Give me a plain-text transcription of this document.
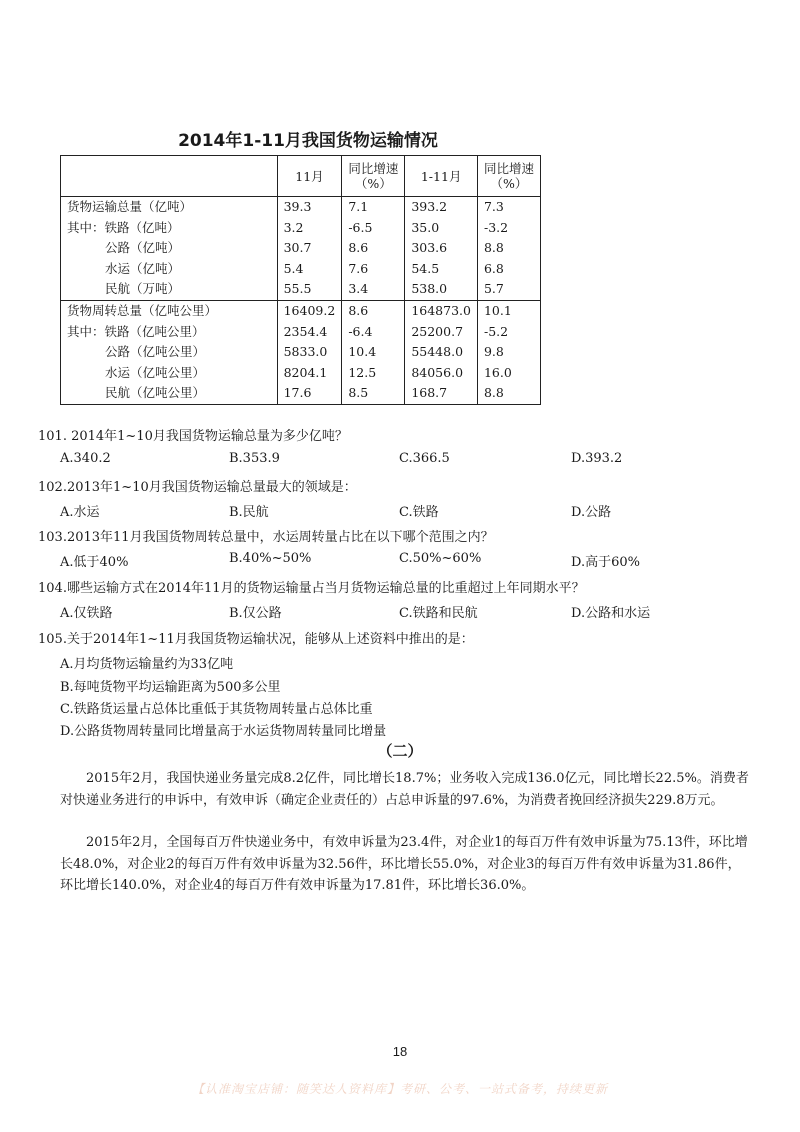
2014年1-11月我国货物运输情况
	11月	同比增速
（%）	1-11月	同比增速
（%）
货物运输总量（亿吨）	39.3	7.1	393.2	7.3
其中：铁路（亿吨）	3.2	-6.5	35.0	-3.2
公路（亿吨）	30.7	8.6	303.6	8.8
水运（亿吨）	5.4	7.6	54.5	6.8
民航（万吨）	55.5	3.4	538.0	5.7
货物周转总量（亿吨公里）	16409.2	8.6	164873.0	10.1
其中：铁路（亿吨公里）	2354.4	-6.4	25200.7	-5.2
公路（亿吨公里）	5833.0	10.4	55448.0	9.8
水运（亿吨公里）	8204.1	12.5	84056.0	16.0
民航（亿吨公里）	17.6	8.5	168.7	8.8
101. 2014年1~10月我国货物运输总量为多少亿吨？
A.340.2	B.353.9	C.366.5	D.393.2
102.2013年1~10月我国货物运输总量最大的领域是：
A.水运	B.民航	C.铁路	D.公路
103.2013年11月我国货物周转总量中，水运周转量占比在以下哪个范围之内？
A.低于40%	B.40%~50%	C.50%~60%	D.高于60%
104.哪些运输方式在2014年11月的货物运输量占当月货物运输总量的比重超过上年同期水平？
A.仅铁路	B.仅公路	C.铁路和民航	D.公路和水运
105.关于2014年1~11月我国货物运输状况，能够从上述资料中推出的是：
A.月均货物运输量约为33亿吨
B.每吨货物平均运输距离为500多公里
C.铁路货运量占总体比重低于其货物周转量占总体比重
D.公路货物周转量同比增量高于水运货物周转量同比增量
（二）
2015年2月，我国快递业务量完成8.2亿件，同比增长18.7%；业务收入完成136.0亿元，同比增长22.5%。消费者对快递业务进行的申诉中，有效申诉（确定企业责任的）占总申诉量的97.6%，为消费者挽回经济损失229.8万元。
2015年2月，全国每百万件快递业务中，有效申诉量为23.4件，对企业1的每百万件有效申诉量为75.13件，环比增长48.0%，对企业2的每百万件有效申诉量为32.56件，环比增长55.0%，对企业3的每百万件有效申诉量为31.86件，环比增长140.0%，对企业4的每百万件有效申诉量为17.81件，环比增长36.0%。
18
【认准淘宝店铺：随笑达人资料库】考研、公考、一站式备考，持续更新
